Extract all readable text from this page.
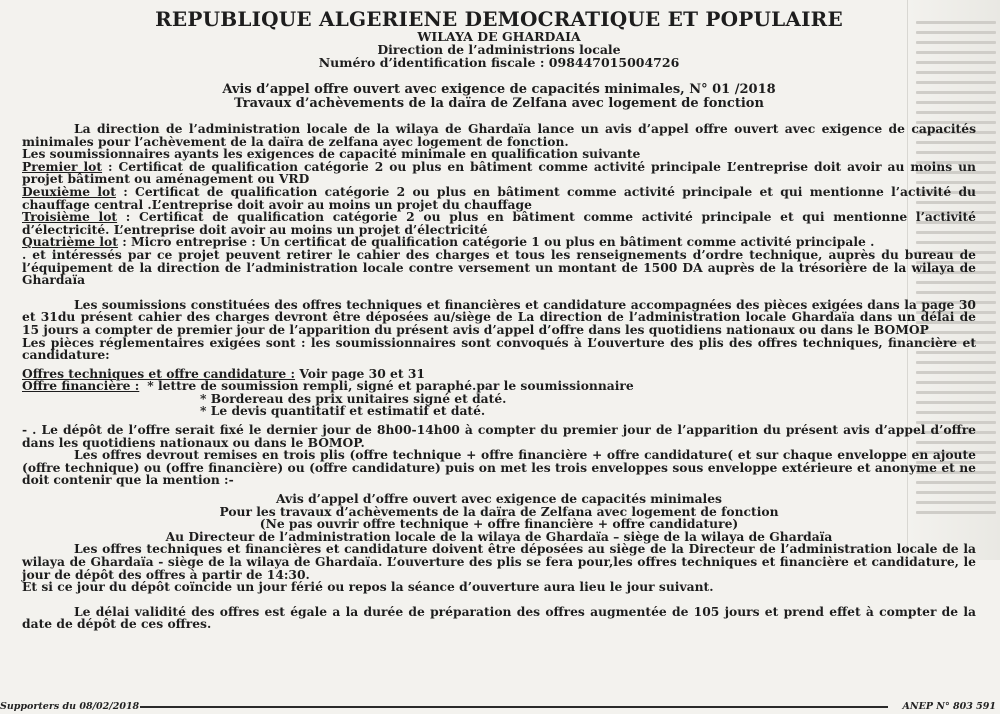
REPUBLIQUE ALGERIENE DEMOCRATIQUE ET POPULAIRE
WILAYA DE GHARDAIA
Direction de l’administrions locale
Numéro d’identification fiscale : 098447015004726
Avis d’appel offre ouvert avec exigence de capacités minimales, N° 01 /2018
Travaux d’achèvements de la daïra de Zelfana avec logement de fonction

La direction de l’administration locale de la wilaya de Ghardaïa lance un avis d’appel offre ouvert avec exigence de capacités minimales pour l’achèvement de la daïra de zelfana avec logement de fonction.

Les soumissionnaires ayants les exigences de capacité minimale en qualification suivante

Premier lot : Certificat de qualification catégorie 2 ou plus en bâtiment comme activité principale L’entreprise doit avoir au moins un projet bâtiment ou aménagement ou VRD

Deuxième lot : Certificat de qualification catégorie 2 ou plus en bâtiment comme activité principale et qui mentionne l’activité du chauffage central .L’entreprise doit avoir au moins un projet du chauffage

Troisième lot : Certificat de qualification catégorie 2 ou plus en bâtiment comme activité principale et qui mentionne l’activité d’électricité. L’entreprise doit avoir au moins un projet d’électricité

Quatrième lot : Micro entreprise : Un certificat de qualification catégorie 1 ou plus en bâtiment comme activité principale .

. et intéressés par ce projet peuvent retirer le cahier des charges et tous les renseignements d’ordre technique, auprès du bureau de l’équipement de la direction de l’administration locale contre versement un montant de 1500 DA auprès de la trésorière de la wilaya de Ghardaïa

Les soumissions constituées des offres techniques et financières et candidature accompagnées des pièces exigées dans la page 30 et 31du présent cahier des charges devront être déposées au/siège de La direction de l’administration locale Ghardaïa dans un délai de 15 jours a compter de premier jour de l’apparition du présent avis d’appel d’offre dans les quotidiens nationaux ou dans le BOMOP

Les pièces réglementaires exigées sont : les soumissionnaires sont convoqués à L’ouverture des plis des offres techniques, financière et candidature:

Offres techniques et offre candidature : Voir page 30 et 31

Offre financière : * lettre de soumission rempli, signé et paraphé.par le soumissionnaire
* Bordereau des prix unitaires signé et daté.
* Le devis quantitatif et estimatif et daté.

- . Le dépôt de l’offre serait fixé le dernier jour de 8h00-14h00 à compter du premier jour de l’apparition du présent avis d’appel d’offre dans les quotidiens nationaux ou dans le BOMOP.

Les offres devrout remises en trois plis (offre technique + offre financière + offre candidature( et sur chaque enveloppe en ajoute (offre technique) ou (offre financière) ou (offre candidature) puis on met les trois enveloppes sous enveloppe extérieure et anonyme et ne doit contenir que la mention :-

Avis d’appel d’offre ouvert avec exigence de capacités minimales
Pour les travaux d’achèvements de la daïra de Zelfana avec logement de fonction
(Ne pas ouvrir offre technique + offre financière + offre candidature)
Au Directeur de l’administration locale de la wilaya de Ghardaïa – siège de la wilaya de Ghardaïa

Les offres techniques et financières et candidature doivent être déposées au siège de la Directeur de l’administration locale de la wilaya de Ghardaïa - siège de la wilaya de Ghardaïa. L’ouverture des plis se fera pour,les offres techniques et financière et candidature, le jour de dépôt des offres à partir de 14:30.

Et si ce jour du dépôt coïncide un jour férié ou repos la séance d’ouverture aura lieu le jour suivant.

Le délai validité des offres est égale a la durée de préparation des offres augmentée de 105 jours et prend effet à compter de la date de dépôt de ces offres.

Supporters du 08/02/2018	ANEP N° 803 591
